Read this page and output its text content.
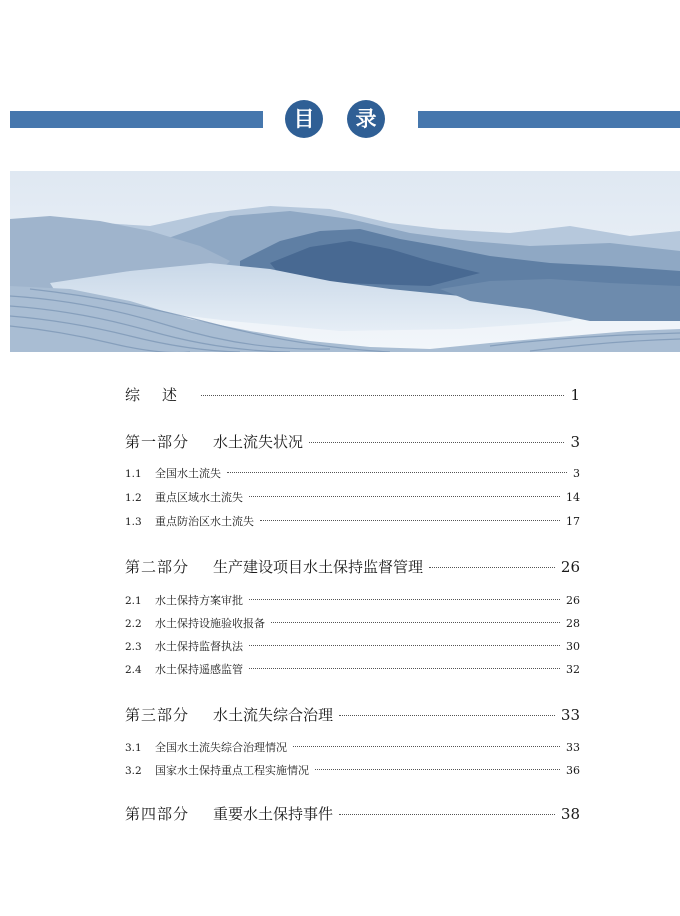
目	录
综述	1
第一部分	水土流失状况	3
1.1	全国水土流失	3
1.2	重点区域水土流失	14
1.3	重点防治区水土流失	17
第二部分	生产建设项目水土保持监督管理	26
2.1	水土保持方案审批	26
2.2	水土保持设施验收报备	28
2.3	水土保持监督执法	30
2.4	水土保持遥感监管	32
第三部分	水土流失综合治理	33
3.1	全国水土流失综合治理情况	33
3.2	国家水土保持重点工程实施情况	36
第四部分	重要水土保持事件	38
